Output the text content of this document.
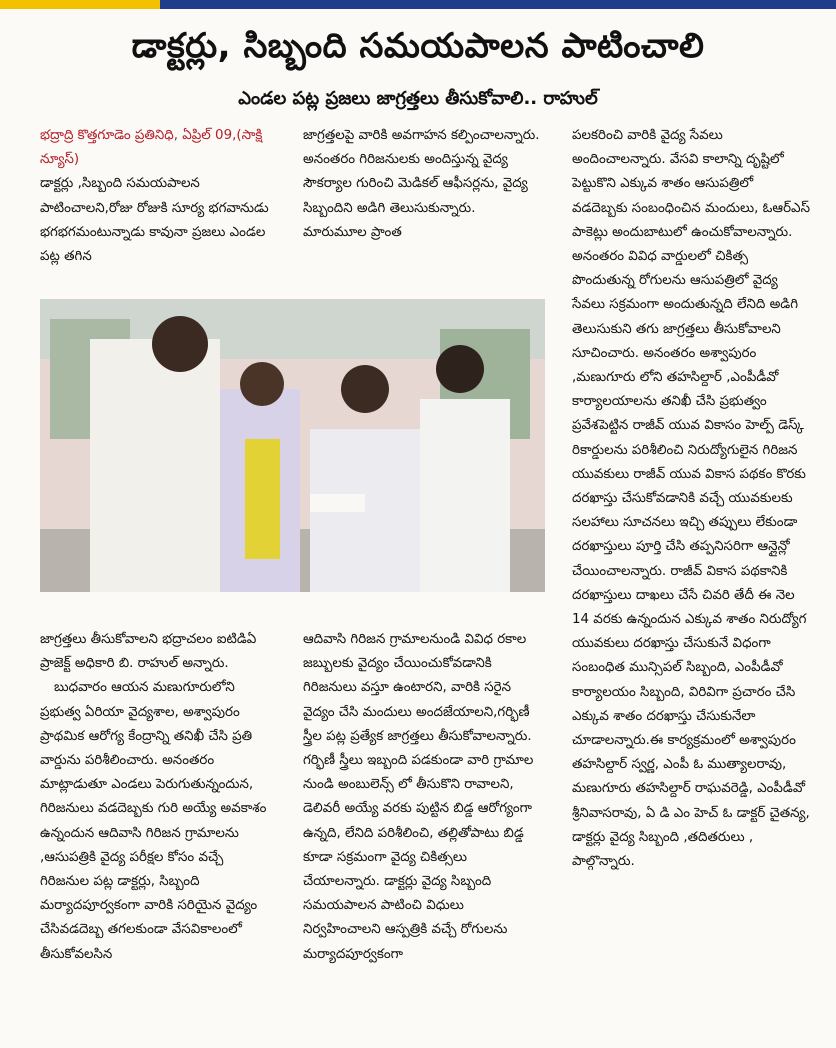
డాక్టర్లు, సిబ్బంది సమయపాలన పాటించాలి
ఎండల పట్ల ప్రజలు జాగ్రత్తలు తీసుకోవాలి.. రాహుల్

భద్రాద్రి కొత్తగూడెం ప్రతినిధి, ఏప్రిల్ 09,(సాక్షి న్యూస్)

డాక్టర్లు ,సిబ్బంది సమయపాలన పాటించాలని,రోజు రోజుకి సూర్య భగవానుడు భగభగమంటున్నాడు కావునా ప్రజలు ఎండల పట్ల తగిన

జాగ్రత్తలపై వారికి అవగాహన కల్పించాలన్నారు. అనంతరం గిరిజనులకు అందిస్తున్న వైద్య సౌకర్యాల గురించి మెడికల్ ఆఫీసర్లను, వైద్య సిబ్బందిని అడిగి తెలుసుకున్నారు. మారుమూల ప్రాంత

జాగ్రత్తలు తీసుకోవాలని భద్రాచలం ఐటిడిఏ ప్రాజెక్ట్ అధికారి బి. రాహుల్ అన్నారు.

బుధవారం ఆయన మణుగూరులోని ప్రభుత్వ ఏరియా వైద్యశాల, అశ్వాపురం ప్రాథమిక ఆరోగ్య కేంద్రాన్ని తనిఖీ చేసి ప్రతి వార్డును పరిశీలించారు. అనంతరం మాట్లాడుతూ ఎండలు పెరుగుతున్నందున, గిరిజనులు వడదెబ్బకు గురి అయ్యే అవకాశం ఉన్నందున ఆదివాసి గిరిజన గ్రామాలను ,ఆసుపత్రికి వైద్య పరీక్షల కోసం వచ్చే గిరిజనుల పట్ల డాక్టర్లు, సిబ్బంది మర్యాదపూర్వకంగా వారికి సరియైన వైద్యం చేసివడదెబ్బ తగలకుండా వేసవికాలంలో తీసుకోవలసిన

ఆదివాసి గిరిజన గ్రామాలనుండి వివిధ రకాల జబ్బులకు వైద్యం చేయించుకోవడానికి గిరిజనులు వస్తూ ఉంటారని, వారికి సరైన వైద్యం చేసి మందులు అందజేయాలని,గర్భిణీ స్త్రీల పట్ల ప్రత్యేక జాగ్రత్తలు తీసుకోవాలన్నారు. గర్భిణీ స్త్రీలు ఇబ్బంది పడకుండా వారి గ్రామాల నుండి అంబులెన్స్ లో తీసుకొని రావాలని, డెలివరీ అయ్యే వరకు పుట్టిన బిడ్డ ఆరోగ్యంగా ఉన్నది, లేనిది పరిశీలించి, తల్లితోపాటు బిడ్డ కూడా సక్రమంగా వైద్య చికిత్సలు చేయాలన్నారు. డాక్టర్లు వైద్య సిబ్బంది సమయపాలన పాటించి విధులు నిర్వహించాలని ఆస్పత్రికి వచ్చే రోగులను మర్యాదపూర్వకంగా

పలకరించి వారికి వైద్య సేవలు అందించాలన్నారు. వేసవి కాలాన్ని దృష్టిలో పెట్టుకొని ఎక్కువ శాతం ఆసుపత్రిలో వడదెబ్బకు సంబంధించిన మందులు, ఓఆర్ఎస్ పాకెట్లు అందుబాటులో ఉంచుకోవాలన్నారు.

అనంతరం వివిధ వార్డులలో చికిత్స పొందుతున్న రోగులను ఆసుపత్రిలో వైద్య సేవలు సక్రమంగా అందుతున్నది లేనిది అడిగి తెలుసుకుని తగు జాగ్రత్తలు తీసుకోవాలని సూచించారు. అనంతరం అశ్వాపురం ,మణుగూరు లోని తహసిల్దార్ ,ఎంపీడీవో కార్యాలయాలను తనిఖీ చేసి ప్రభుత్వం ప్రవేశపెట్టిన రాజీవ్ యువ వికాసం హెల్ప్ డెస్క్ రికార్డులను పరిశీలించి నిరుద్యోగులైన గిరిజన యువకులు రాజీవ్ యువ వికాస పథకం కొరకు దరఖాస్తు చేసుకోవడానికి వచ్చే యువకులకు సలహాలు సూచనలు ఇచ్చి తప్పులు లేకుండా దరఖాస్తులు పూర్తి చేసి తప్పనిసరిగా ఆన్లైన్లో చేయించాలన్నారు. రాజీవ్ వికాస పథకానికి దరఖాస్తులు దాఖలు చేసే చివరి తేదీ ఈ నెల 14 వరకు ఉన్నందున ఎక్కువ శాతం నిరుద్యోగ యువకులు దరఖాస్తు చేసుకునే విధంగా సంబంధిత మున్సిపల్ సిబ్బంది, ఎంపీడీవో కార్యాలయం సిబ్బంది, విరివిగా ప్రచారం చేసి ఎక్కువ శాతం దరఖాస్తు చేసుకునేలా చూడాలన్నారు.ఈ కార్యక్రమంలో అశ్వాపురం తహసిల్దార్ స్వర్ణ, ఎంపీ ఓ ముత్యాలరావు, మణుగూరు తహసిల్దార్ రాఘవరెడ్డి, ఎంపీడీవో శ్రీనివాసరావు, ఏ డి ఎం హెచ్ ఓ డాక్టర్ చైతన్య, డాక్టర్లు వైద్య సిబ్బంది ,తదితరులు , పాల్గొన్నారు.
